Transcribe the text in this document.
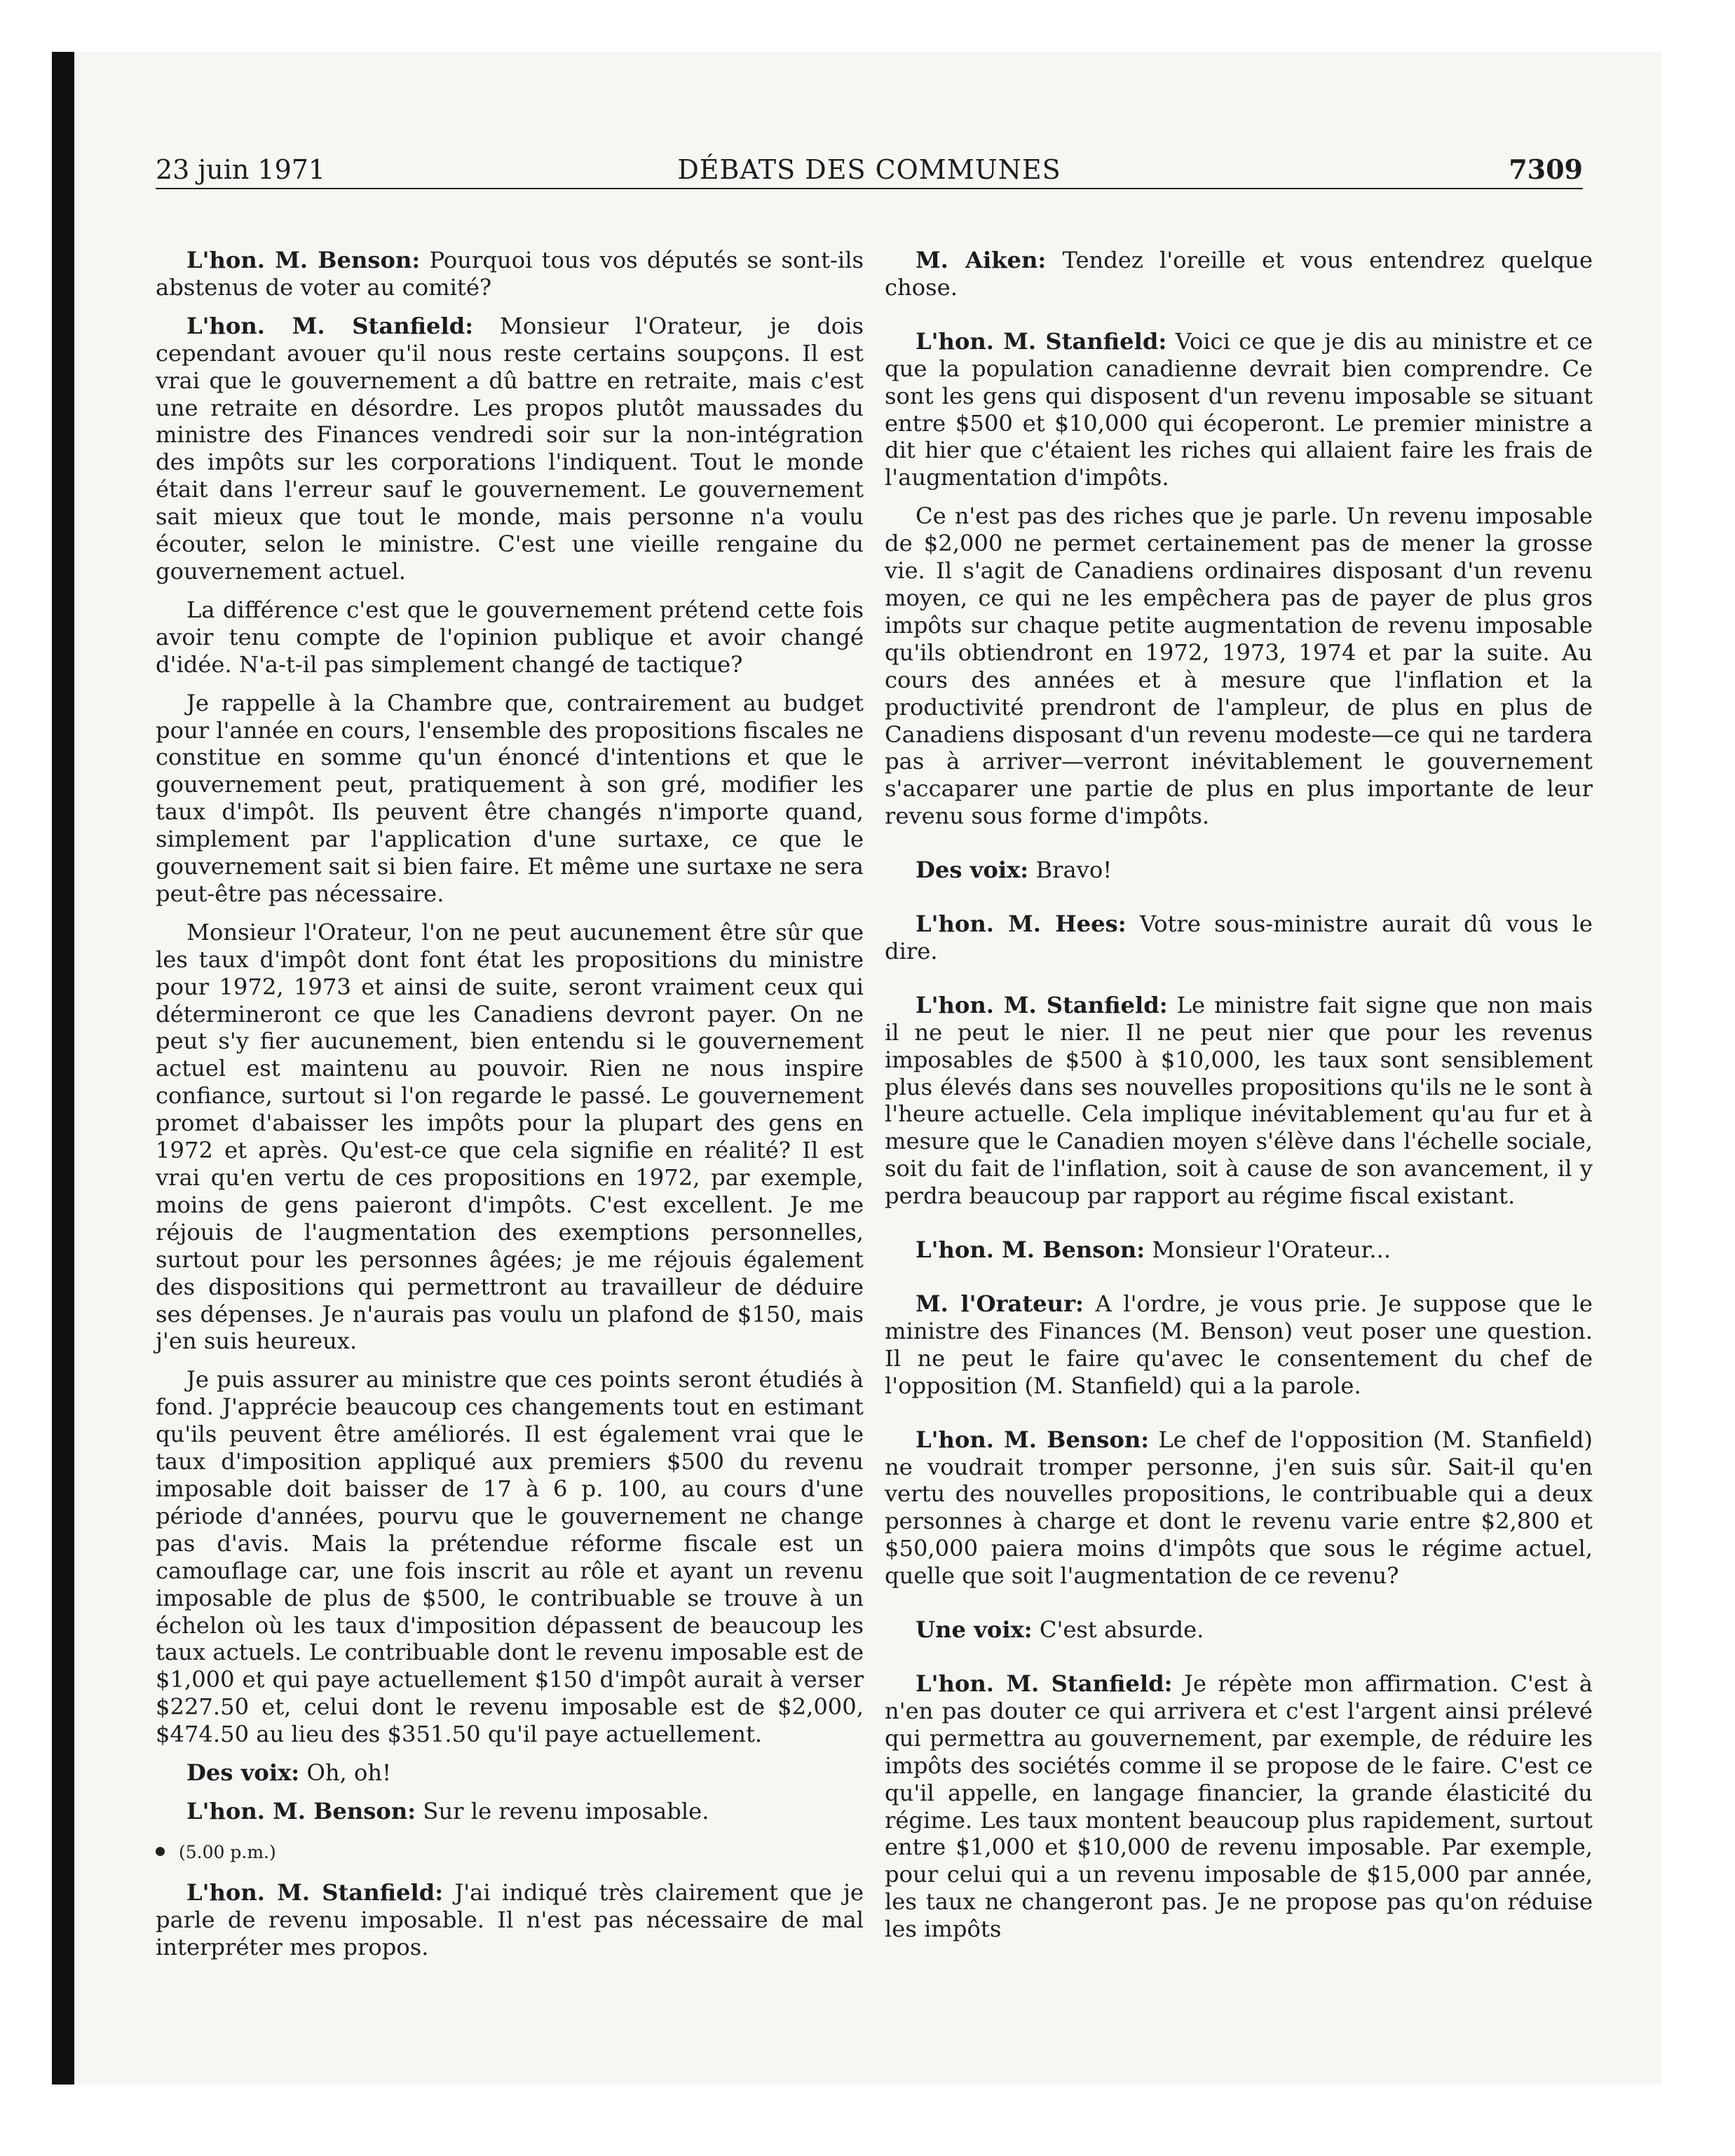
23 juin 1971	DÉBATS DES COMMUNES	7309

L'hon. M. Benson: Pourquoi tous vos députés se sont-ils abstenus de voter au comité?

L'hon. M. Stanfield: Monsieur l'Orateur, je dois cependant avouer qu'il nous reste certains soupçons. Il est vrai que le gouvernement a dû battre en retraite, mais c'est une retraite en désordre. Les propos plutôt maussades du ministre des Finances vendredi soir sur la non-intégration des impôts sur les corporations l'indiquent. Tout le monde était dans l'erreur sauf le gouvernement. Le gouvernement sait mieux que tout le monde, mais personne n'a voulu écouter, selon le ministre. C'est une vieille rengaine du gouvernement actuel.

La différence c'est que le gouvernement prétend cette fois avoir tenu compte de l'opinion publique et avoir changé d'idée. N'a-t-il pas simplement changé de tactique?

Je rappelle à la Chambre que, contrairement au budget pour l'année en cours, l'ensemble des propositions fiscales ne constitue en somme qu'un énoncé d'intentions et que le gouvernement peut, pratiquement à son gré, modifier les taux d'impôt. Ils peuvent être changés n'importe quand, simplement par l'application d'une surtaxe, ce que le gouvernement sait si bien faire. Et même une surtaxe ne sera peut-être pas nécessaire.

Monsieur l'Orateur, l'on ne peut aucunement être sûr que les taux d'impôt dont font état les propositions du ministre pour 1972, 1973 et ainsi de suite, seront vraiment ceux qui détermineront ce que les Canadiens devront payer. On ne peut s'y fier aucunement, bien entendu si le gouvernement actuel est maintenu au pouvoir. Rien ne nous inspire confiance, surtout si l'on regarde le passé. Le gouvernement promet d'abaisser les impôts pour la plupart des gens en 1972 et après. Qu'est-ce que cela signifie en réalité? Il est vrai qu'en vertu de ces propositions en 1972, par exemple, moins de gens paieront d'impôts. C'est excellent. Je me réjouis de l'augmentation des exemptions personnelles, surtout pour les personnes âgées; je me réjouis également des dispositions qui permettront au travailleur de déduire ses dépenses. Je n'aurais pas voulu un plafond de $150, mais j'en suis heureux.

Je puis assurer au ministre que ces points seront étudiés à fond. J'apprécie beaucoup ces changements tout en estimant qu'ils peuvent être améliorés. Il est également vrai que le taux d'imposition appliqué aux premiers $500 du revenu imposable doit baisser de 17 à 6 p. 100, au cours d'une période d'années, pourvu que le gouvernement ne change pas d'avis. Mais la prétendue réforme fiscale est un camouflage car, une fois inscrit au rôle et ayant un revenu imposable de plus de $500, le contribuable se trouve à un échelon où les taux d'imposition dépassent de beaucoup les taux actuels. Le contribuable dont le revenu imposable est de $1,000 et qui paye actuellement $150 d'impôt aurait à verser $227.50 et, celui dont le revenu imposable est de $2,000, $474.50 au lieu des $351.50 qu'il paye actuellement.

Des voix: Oh, oh!

L'hon. M. Benson: Sur le revenu imposable.

(5.00 p.m.)

L'hon. M. Stanfield: J'ai indiqué très clairement que je parle de revenu imposable. Il n'est pas nécessaire de mal interpréter mes propos.

M. Aiken: Tendez l'oreille et vous entendrez quelque chose.

L'hon. M. Stanfield: Voici ce que je dis au ministre et ce que la population canadienne devrait bien comprendre. Ce sont les gens qui disposent d'un revenu imposable se situant entre $500 et $10,000 qui écoperont. Le premier ministre a dit hier que c'étaient les riches qui allaient faire les frais de l'augmentation d'impôts.

Ce n'est pas des riches que je parle. Un revenu imposable de $2,000 ne permet certainement pas de mener la grosse vie. Il s'agit de Canadiens ordinaires disposant d'un revenu moyen, ce qui ne les empêchera pas de payer de plus gros impôts sur chaque petite augmentation de revenu imposable qu'ils obtiendront en 1972, 1973, 1974 et par la suite. Au cours des années et à mesure que l'inflation et la productivité prendront de l'ampleur, de plus en plus de Canadiens disposant d'un revenu modeste—ce qui ne tardera pas à arriver—verront inévitablement le gouvernement s'accaparer une partie de plus en plus importante de leur revenu sous forme d'impôts.

Des voix: Bravo!

L'hon. M. Hees: Votre sous-ministre aurait dû vous le dire.

L'hon. M. Stanfield: Le ministre fait signe que non mais il ne peut le nier. Il ne peut nier que pour les revenus imposables de $500 à $10,000, les taux sont sensiblement plus élevés dans ses nouvelles propositions qu'ils ne le sont à l'heure actuelle. Cela implique inévitablement qu'au fur et à mesure que le Canadien moyen s'élève dans l'échelle sociale, soit du fait de l'inflation, soit à cause de son avancement, il y perdra beaucoup par rapport au régime fiscal existant.

L'hon. M. Benson: Monsieur l'Orateur...

M. l'Orateur: A l'ordre, je vous prie. Je suppose que le ministre des Finances (M. Benson) veut poser une question. Il ne peut le faire qu'avec le consentement du chef de l'opposition (M. Stanfield) qui a la parole.

L'hon. M. Benson: Le chef de l'opposition (M. Stanfield) ne voudrait tromper personne, j'en suis sûr. Sait-il qu'en vertu des nouvelles propositions, le contribuable qui a deux personnes à charge et dont le revenu varie entre $2,800 et $50,000 paiera moins d'impôts que sous le régime actuel, quelle que soit l'augmentation de ce revenu?

Une voix: C'est absurde.

L'hon. M. Stanfield: Je répète mon affirmation. C'est à n'en pas douter ce qui arrivera et c'est l'argent ainsi prélevé qui permettra au gouvernement, par exemple, de réduire les impôts des sociétés comme il se propose de le faire. C'est ce qu'il appelle, en langage financier, la grande élasticité du régime. Les taux montent beaucoup plus rapidement, surtout entre $1,000 et $10,000 de revenu imposable. Par exemple, pour celui qui a un revenu imposable de $15,000 par année, les taux ne changeront pas. Je ne propose pas qu'on réduise les impôts
